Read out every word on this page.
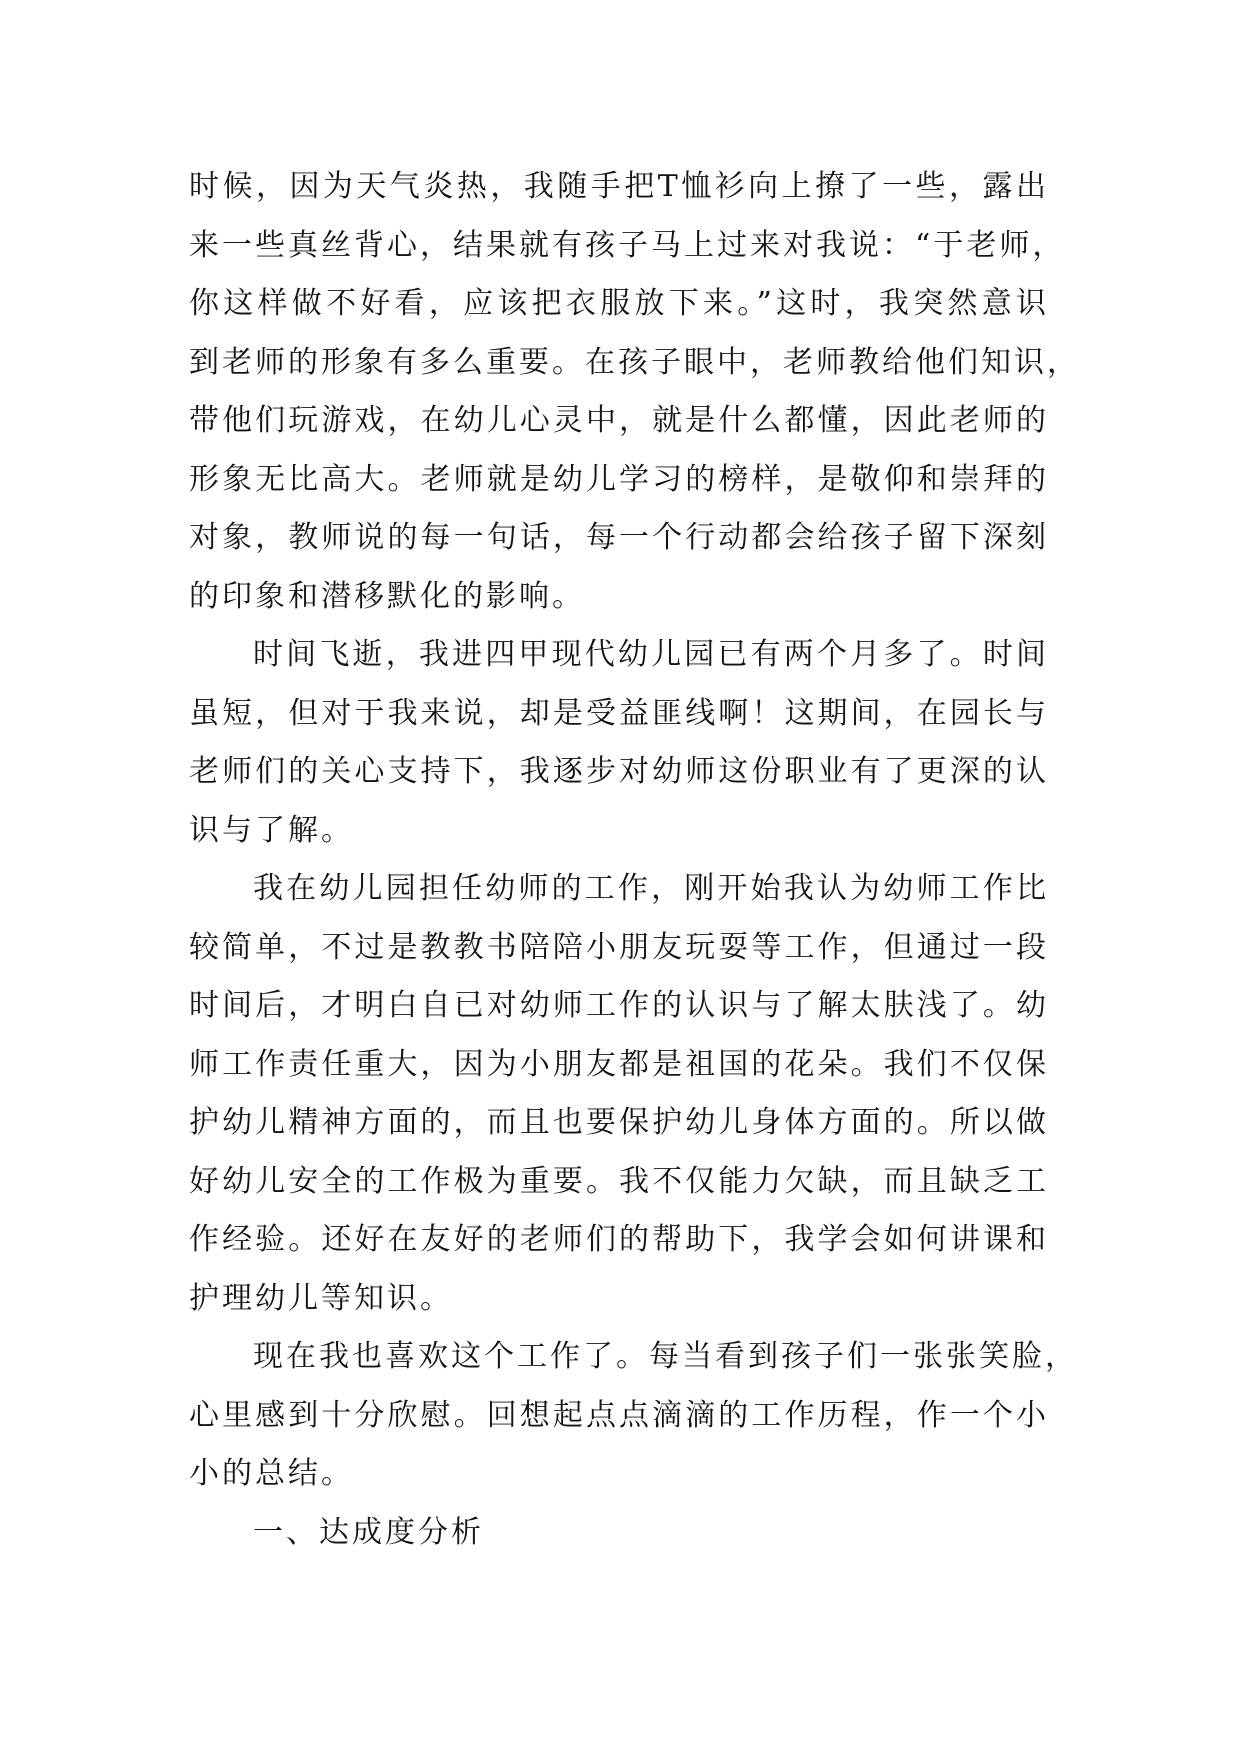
时候，因为天气炎热，我随手把T恤衫向上撩了一些，露出
来一些真丝背心，结果就有孩子马上过来对我说：“于老师，
你这样做不好看，应该把衣服放下来。”这时，我突然意识
到老师的形象有多么重要。在孩子眼中，老师教给他们知识，
带他们玩游戏，在幼儿心灵中，就是什么都懂，因此老师的
形象无比高大。老师就是幼儿学习的榜样，是敬仰和崇拜的
对象，教师说的每一句话，每一个行动都会给孩子留下深刻
的印象和潜移默化的影响。
时间飞逝，我进四甲现代幼儿园已有两个月多了。时间
虽短，但对于我来说，却是受益匪线啊！这期间，在园长与
老师们的关心支持下，我逐步对幼师这份职业有了更深的认
识与了解。
我在幼儿园担任幼师的工作，刚开始我认为幼师工作比
较简单，不过是教教书陪陪小朋友玩耍等工作，但通过一段
时间后，才明白自已对幼师工作的认识与了解太肤浅了。幼
师工作责任重大，因为小朋友都是祖国的花朵。我们不仅保
护幼儿精神方面的，而且也要保护幼儿身体方面的。所以做
好幼儿安全的工作极为重要。我不仅能力欠缺，而且缺乏工
作经验。还好在友好的老师们的帮助下，我学会如何讲课和
护理幼儿等知识。
现在我也喜欢这个工作了。每当看到孩子们一张张笑脸，
心里感到十分欣慰。回想起点点滴滴的工作历程，作一个小
小的总结。
一、达成度分析
